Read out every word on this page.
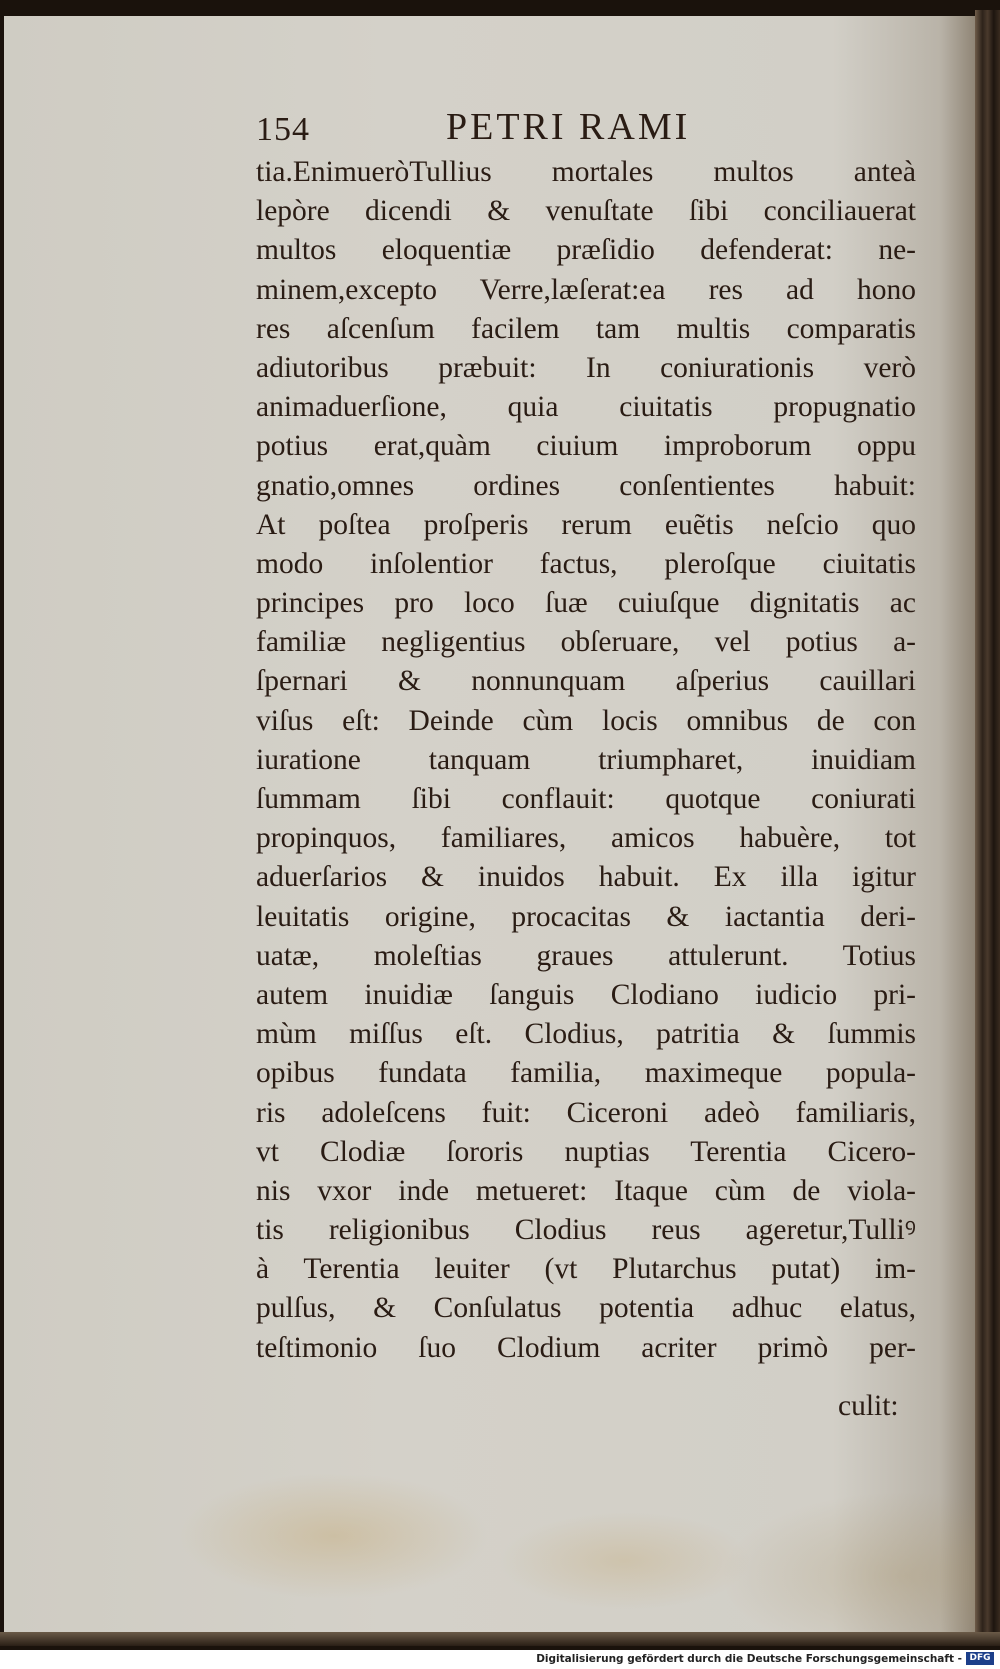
154	PETRI RAMI
tia.EnimueròTullius mortales multos anteà
lepòre dicendi & venuſtate ſibi conciliauerat
multos eloquentiæ præſidio defenderat: ne-
minem,excepto Verre,læſerat:ea res ad hono
res aſcenſum facilem tam multis comparatis
adiutoribus præbuit: In coniurationis verò
animaduerſione, quia ciuitatis propugnatio
potius erat,quàm ciuium improborum oppu
gnatio,omnes ordines conſentientes habuit:
At poſtea proſperis rerum euẽtis neſcio quo
modo inſolentior factus, pleroſque ciuitatis
principes pro loco ſuæ cuiuſque dignitatis ac
familiæ negligentius obſeruare, vel potius a-
ſpernari & nonnunquam aſperius cauillari
viſus eſt: Deinde cùm locis omnibus de con
iuratione tanquam triumpharet, inuidiam
ſummam ſibi conflauit: quotque coniurati
propinquos, familiares, amicos habuère, tot
aduerſarios & inuidos habuit. Ex illa igitur
leuitatis origine, procacitas & iactantia deri-
uatæ, moleſtias graues attulerunt. Totius
autem inuidiæ ſanguis Clodiano iudicio pri-
mùm miſſus eſt. Clodius, patritia & ſummis
opibus fundata familia, maximeque popula-
ris adoleſcens fuit: Ciceroni adeò familiaris,
vt Clodiæ ſororis nuptias Terentia Cicero-
nis vxor inde metueret: Itaque cùm de viola-
tis religionibus Clodius reus ageretur,Tulliꝰ
à Terentia leuiter (vt Plutarchus putat) im-
pulſus, & Conſulatus potentia adhuc elatus,
teſtimonio ſuo Clodium acriter primò per-
culit:
Digitalisierung gefördert durch die Deutsche Forschungsgemeinschaft - DFG
